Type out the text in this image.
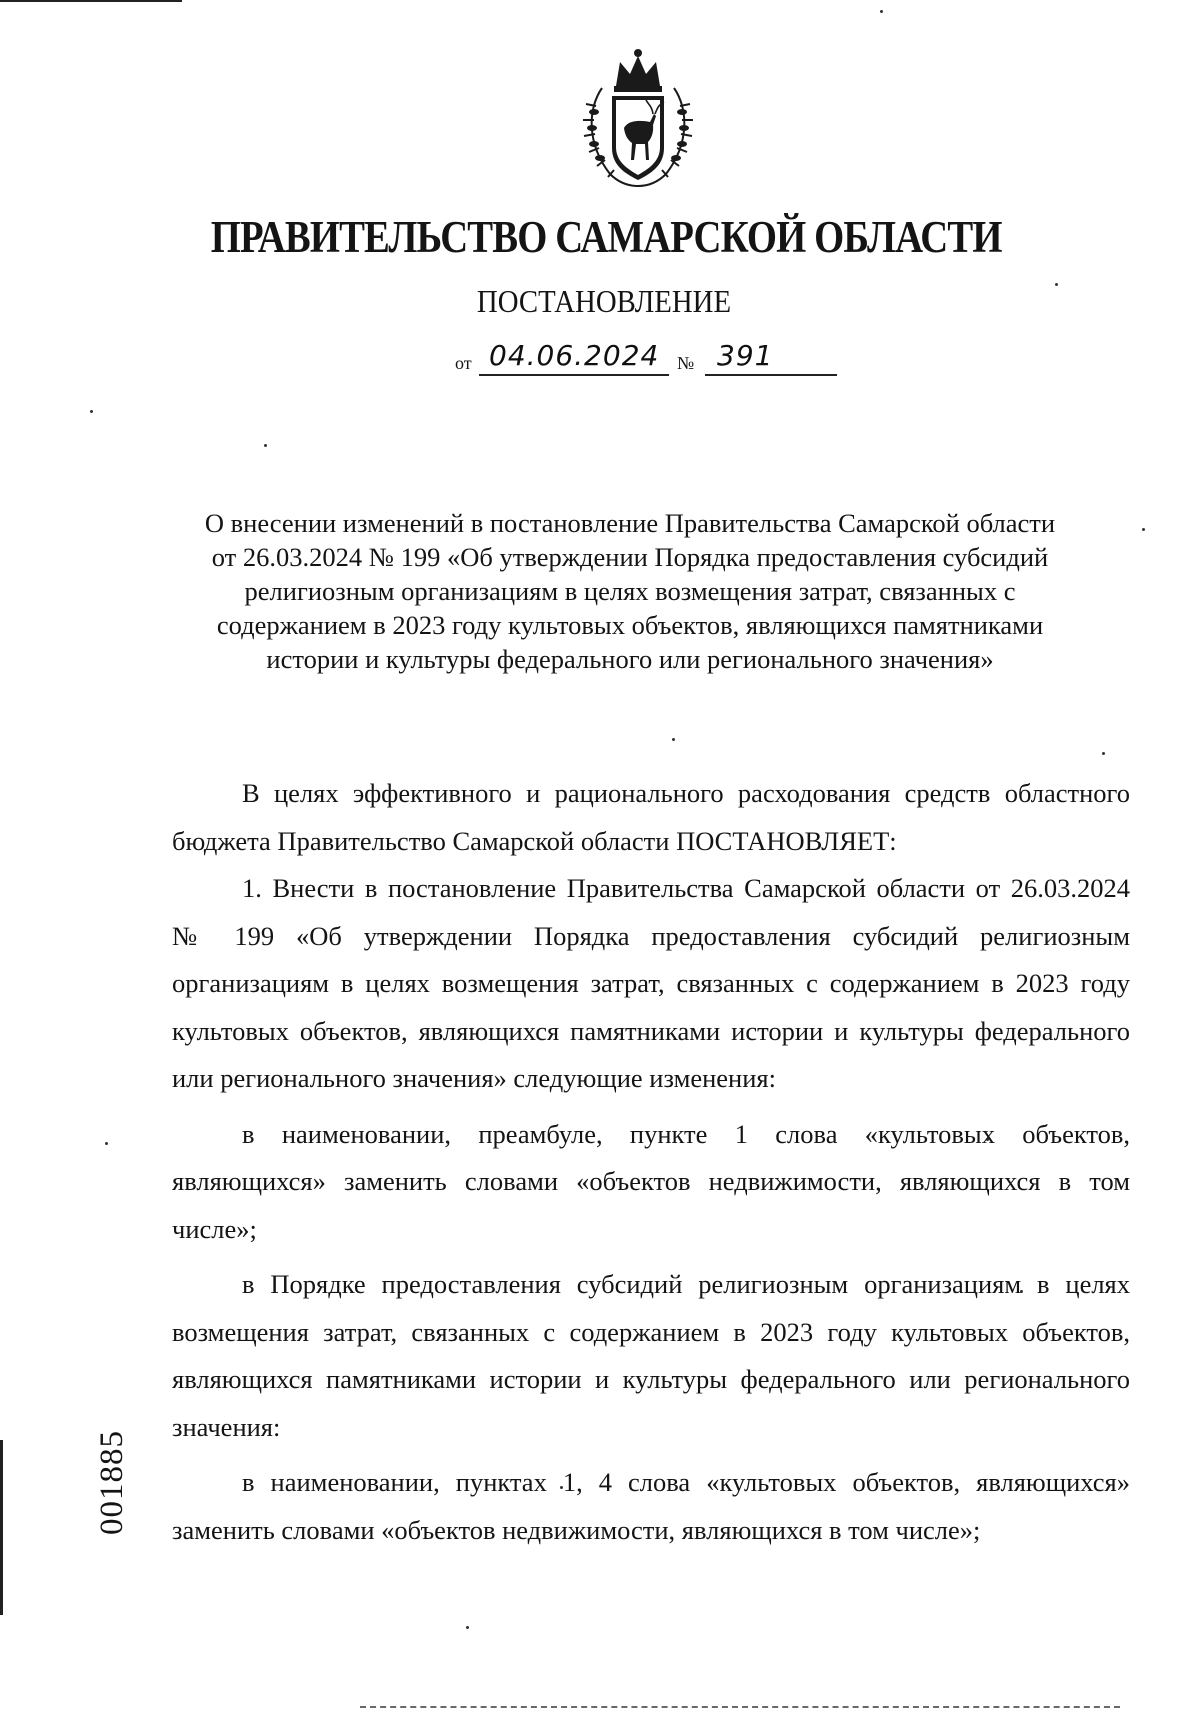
ПРАВИТЕЛЬСТВО САМАРСКОЙ ОБЛАСТИ
ПОСТАНОВЛЕНИЕ
от 04.06.2024 № 391
О внесении изменений в постановление Правительства Самарской области
от 26.03.2024 № 199 «Об утверждении Порядка предоставления субсидий
религиозным организациям в целях возмещения затрат, связанных с
содержанием в 2023 году культовых объектов, являющихся памятниками
истории и культуры федерального или регионального значения»

В целях эффективного и рационального расходования средств областного бюджета Правительство Самарской области ПОСТАНОВЛЯЕТ:

1. Внести в постановление Правительства Самарской области от 26.03.2024 № 199 «Об утверждении Порядка предоставления субсидий религиозным организациям в целях возмещения затрат, связанных с содержанием в 2023 году культовых объектов, являющихся памятниками истории и культуры федерального или регионального значения» следующие изменения:

в наименовании, преамбуле, пункте 1 слова «культовых объектов, являющихся» заменить словами «объектов недвижимости, являющихся в том числе»;

в Порядке предоставления субсидий религиозным организациям в целях возмещения затрат, связанных с содержанием в 2023 году культовых объектов, являющихся памятниками истории и культуры федерального или регионального значения:

в наименовании, пунктах 1, 4 слова «культовых объектов, являющихся» заменить словами «объектов недвижимости, являющихся в том числе»;

001885
